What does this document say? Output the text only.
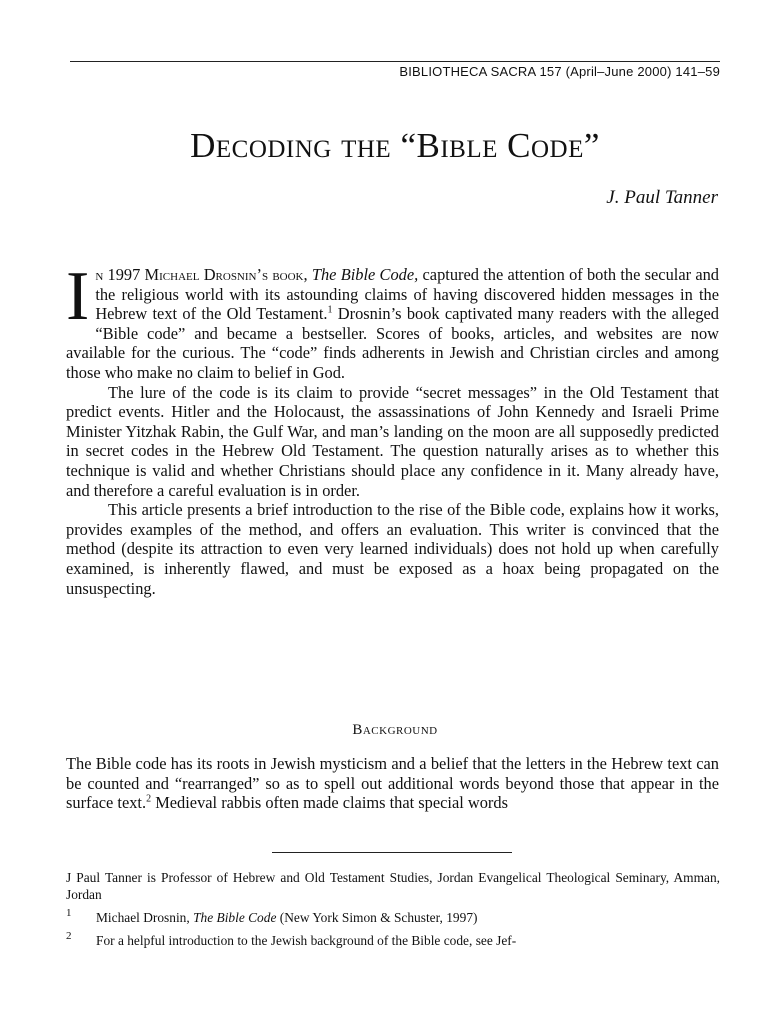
BIBLIOTHECA SACRA 157 (April–June 2000) 141–59
Decoding the “Bible Code”
J. Paul Tanner
In 1997 Michael Drosnin’s book, The Bible Code, captured the attention of both the secular and the religious world with its astounding claims of having discovered hidden messages in the Hebrew text of the Old Testament.$^1$ Drosnin’s book captivated many readers with the alleged “Bible code” and became a bestseller. Scores of books, articles, and websites are now available for the curious. The “code” finds adherents in Jewish and Christian circles and among those who make no claim to belief in God.

The lure of the code is its claim to provide “secret messages” in the Old Testament that predict events. Hitler and the Holocaust, the assassinations of John Kennedy and Israeli Prime Minister Yitzhak Rabin, the Gulf War, and man’s landing on the moon are all supposedly predicted in secret codes in the Hebrew Old Testament. The question naturally arises as to whether this technique is valid and whether Christians should place any confidence in it. Many already have, and therefore a careful evaluation is in order.

This article presents a brief introduction to the rise of the Bible code, explains how it works, provides examples of the method, and offers an evaluation. This writer is convinced that the method (despite its attraction to even very learned individuals) does not hold up when carefully examined, is inherently flawed, and must be exposed as a hoax being propagated on the unsuspecting.

Background
The Bible code has its roots in Jewish mysticism and a belief that the letters in the Hebrew text can be counted and “rearranged” so as to spell out additional words beyond those that appear in the surface text.$^2$ Medieval rabbis often made claims that special words

J Paul Tanner is Professor of Hebrew and Old Testament Studies, Jordan Evangelical Theological Seminary, Amman, Jordan

1	Michael Drosnin, The Bible Code (New York Simon & Schuster, 1997)

2	For a helpful introduction to the Jewish background of the Bible code, see Jef-
